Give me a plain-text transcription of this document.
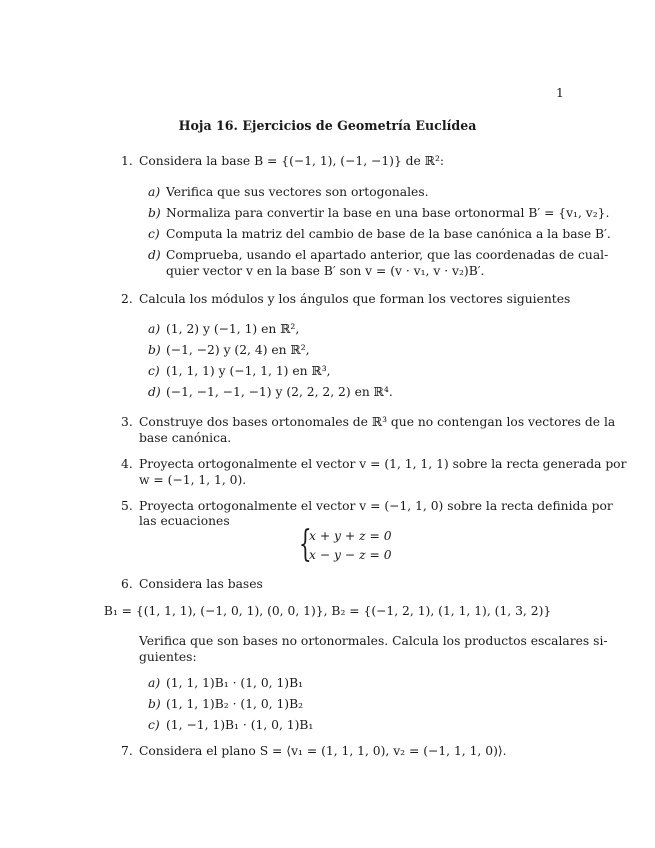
1
Hoja 16. Ejercicios de Geometría Euclídea
1. Considera la base B = {(−1, 1), (−1, −1)} de ℝ²:
a) Verifica que sus vectores son ortogonales.
b) Normaliza para convertir la base en una base ortonormal B′ = {v₁, v₂}.
c) Computa la matriz del cambio de base de la base canónica a la base B′.
d) Comprueba, usando el apartado anterior, que las coordenadas de cual-
quier vector v en la base B′ son v = (v · v₁, v · v₂)B′.
2. Calcula los módulos y los ángulos que forman los vectores siguientes
a) (1, 2) y (−1, 1) en ℝ²,
b) (−1, −2) y (2, 4) en ℝ²,
c) (1, 1, 1) y (−1, 1, 1) en ℝ³,
d) (−1, −1, −1, −1) y (2, 2, 2, 2) en ℝ⁴.
3. Construye dos bases ortonomales de ℝ³ que no contengan los vectores de la
base canónica.
4. Proyecta ortogonalmente el vector v = (1, 1, 1, 1) sobre la recta generada por
w = (−1, 1, 1, 0).
5. Proyecta ortogonalmente el vector v = (−1, 1, 0) sobre la recta definida por
las ecuaciones
{
x + y + z = 0
x − y − z = 0
6. Considera las bases
B₁ = {(1, 1, 1), (−1, 0, 1), (0, 0, 1)}, B₂ = {(−1, 2, 1), (1, 1, 1), (1, 3, 2)}
Verifica que son bases no ortonormales. Calcula los productos escalares si-
guientes:
a) (1, 1, 1)B₁ · (1, 0, 1)B₁
b) (1, 1, 1)B₂ · (1, 0, 1)B₂
c) (1, −1, 1)B₁ · (1, 0, 1)B₁
7. Considera el plano S = ⟨v₁ = (1, 1, 1, 0), v₂ = (−1, 1, 1, 0)⟩.
